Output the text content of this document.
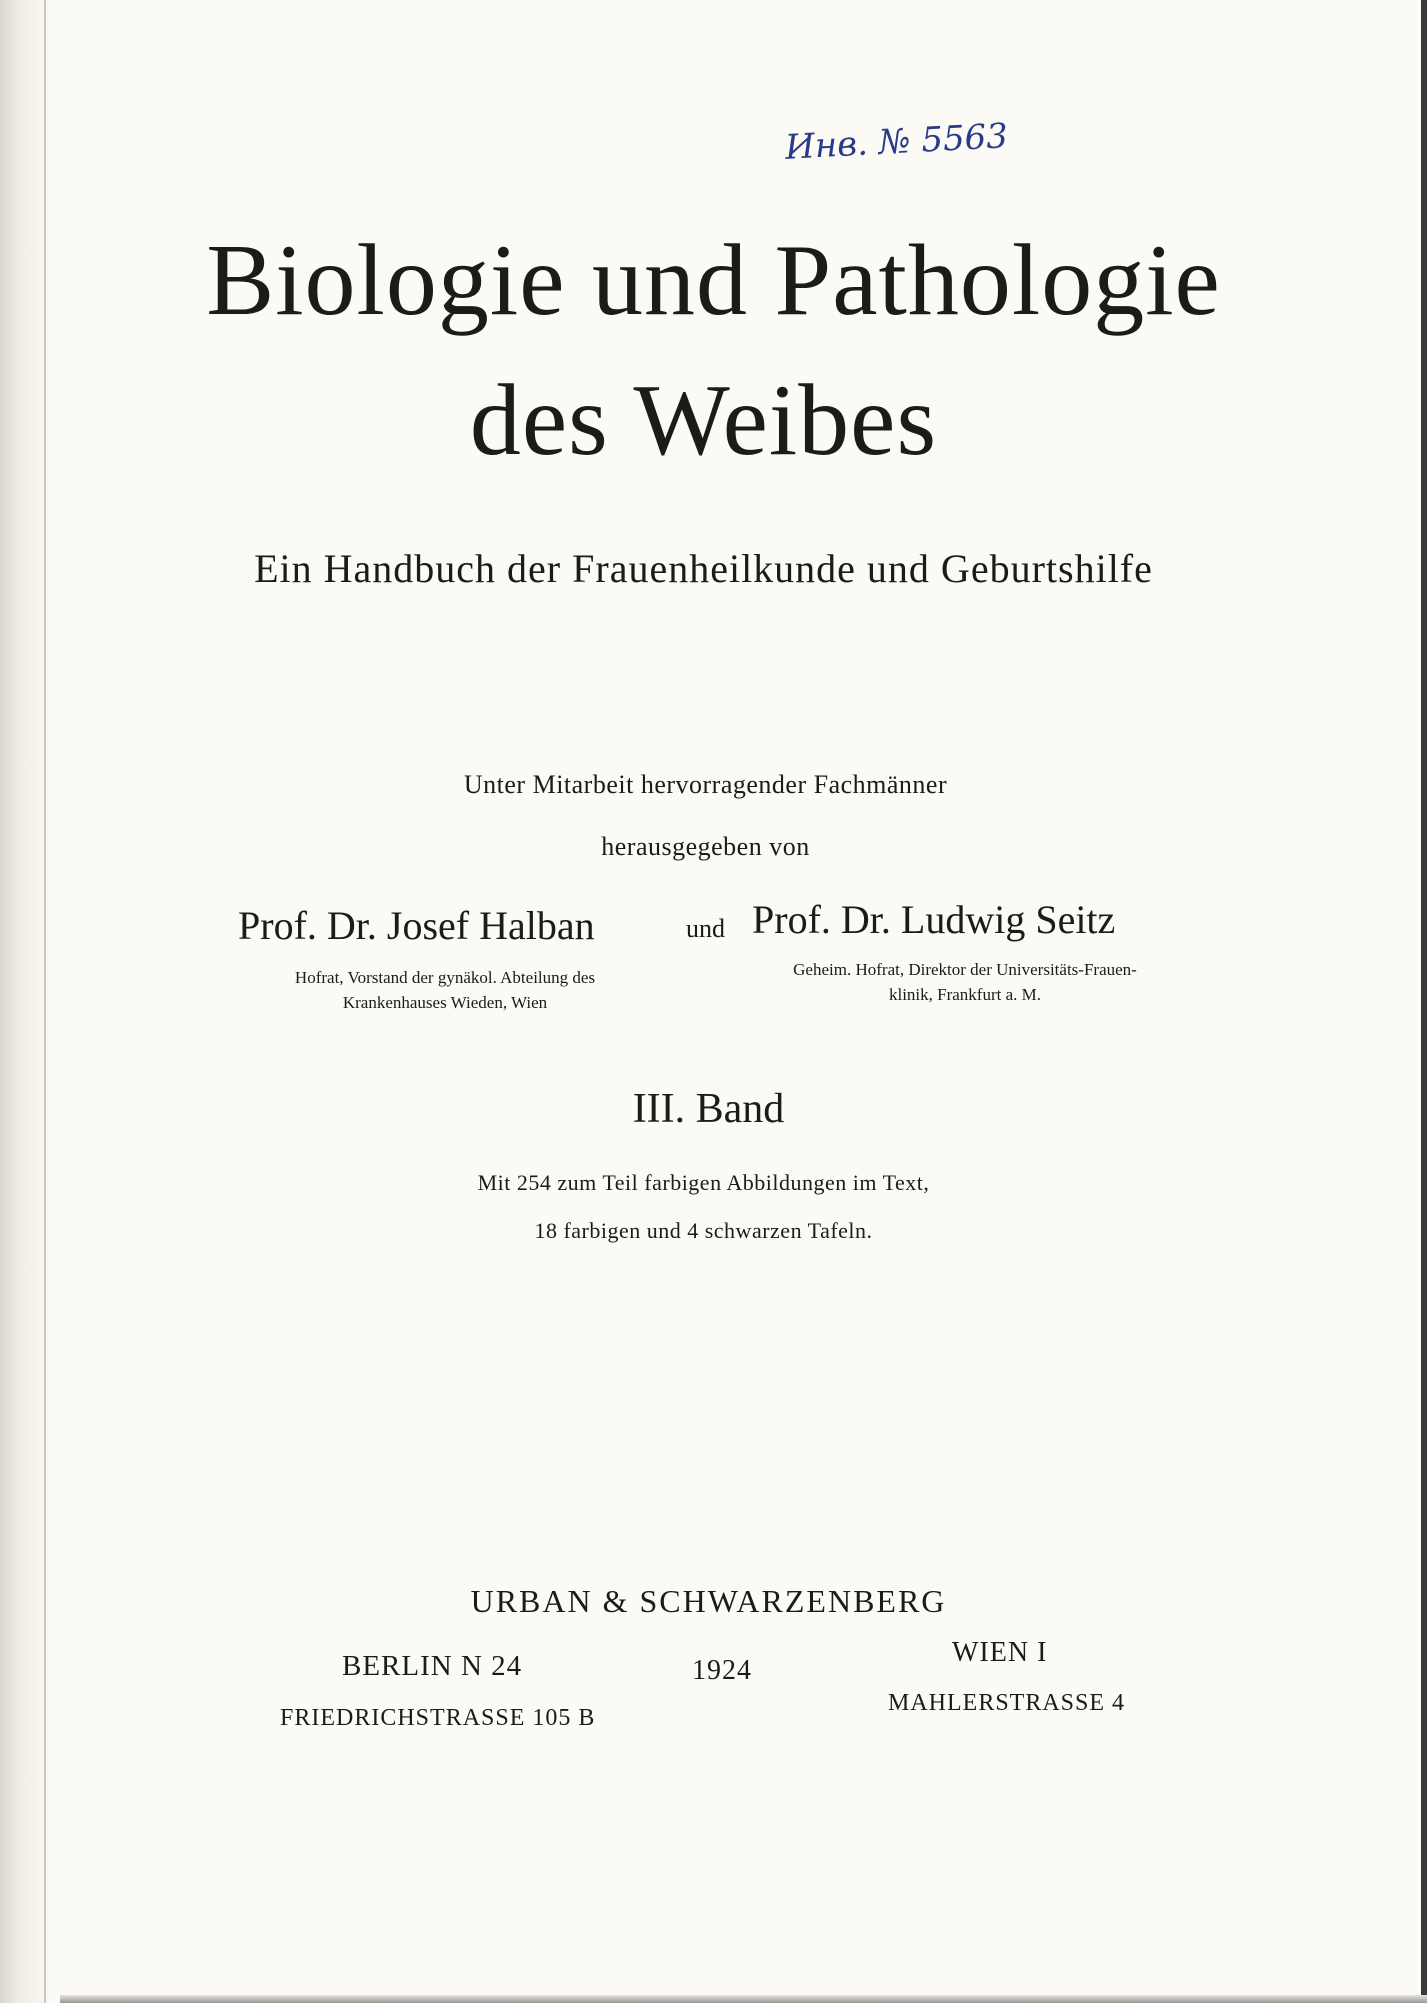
Инв. № 5563
Biologie und Pathologie
des Weibes
Ein Handbuch der Frauenheilkunde und Geburtshilfe
Unter Mitarbeit hervorragender Fachmänner
herausgegeben von
Prof. Dr. Josef Halban	und Prof. Dr. Ludwig Seitz
Hofrat, Vorstand der gynäkol. Abteilung des
Krankenhauses Wieden, Wien
Geheim. Hofrat, Direktor der Universitäts-Frauen-
klinik, Frankfurt a. M.
III. Band
Mit 254 zum Teil farbigen Abbildungen im Text,
18 farbigen und 4 schwarzen Tafeln.
URBAN & SCHWARZENBERG
BERLIN N 24
FRIEDRICHSTRASSE 105 B
1924
WIEN I
MAHLERSTRASSE 4
